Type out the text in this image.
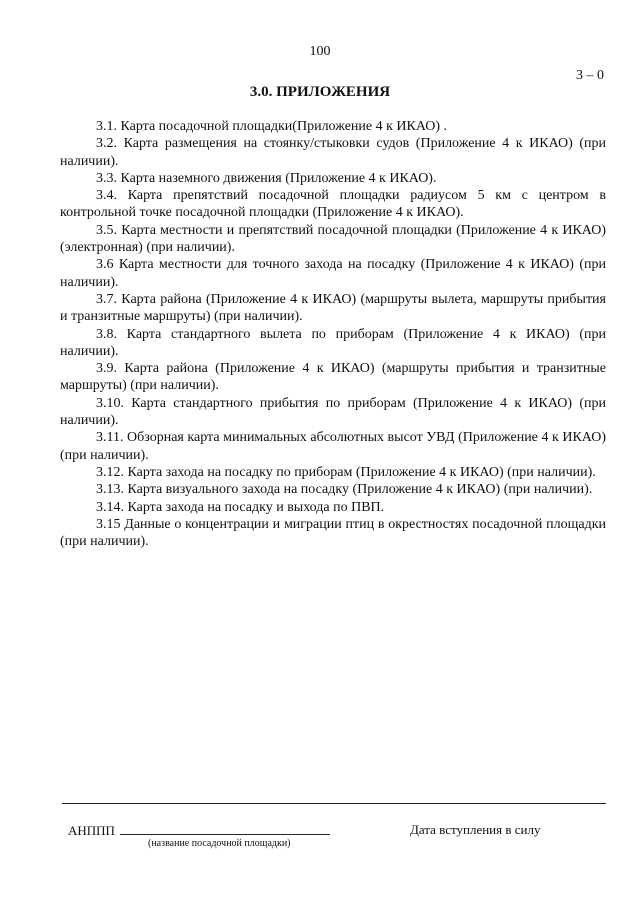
100
3 – 0
3.0. ПРИЛОЖЕНИЯ

3.1. Карта посадочной площадки(Приложение 4 к ИКАО) .

3.2. Карта размещения на стоянку/стыковки судов (Приложение 4 к ИКАО) (при наличии).

3.3. Карта наземного движения (Приложение 4 к ИКАО).

3.4. Карта препятствий посадочной площадки радиусом 5 км с центром в контрольной точке посадочной площадки (Приложение 4 к ИКАО).

3.5. Карта местности и препятствий посадочной площадки (Приложение 4 к ИКАО) (электронная) (при наличии).

3.6 Карта местности для точного захода на посадку (Приложение 4 к ИКАО) (при наличии).

3.7. Карта района (Приложение 4 к ИКАО) (маршруты вылета, маршруты прибытия и транзитные маршруты) (при наличии).

3.8. Карта стандартного вылета по приборам (Приложение 4 к ИКАО) (при наличии).

3.9. Карта района (Приложение 4 к ИКАО) (маршруты прибытия и транзитные маршруты) (при наличии).

3.10. Карта стандартного прибытия по приборам (Приложение 4 к ИКАО) (при наличии).

3.11. Обзорная карта минимальных абсолютных высот УВД (Приложение 4 к ИКАО) (при наличии).

3.12. Карта захода на посадку по приборам (Приложение 4 к ИКАО) (при наличии).

3.13. Карта визуального захода на посадку (Приложение 4 к ИКАО) (при наличии).

3.14. Карта захода на посадку и выхода по ПВП.

3.15 Данные о концентрации и миграции птиц в окрестностях посадочной площадки (при наличии).

АНППП
(название посадочной площадки)
Дата вступления в силу
